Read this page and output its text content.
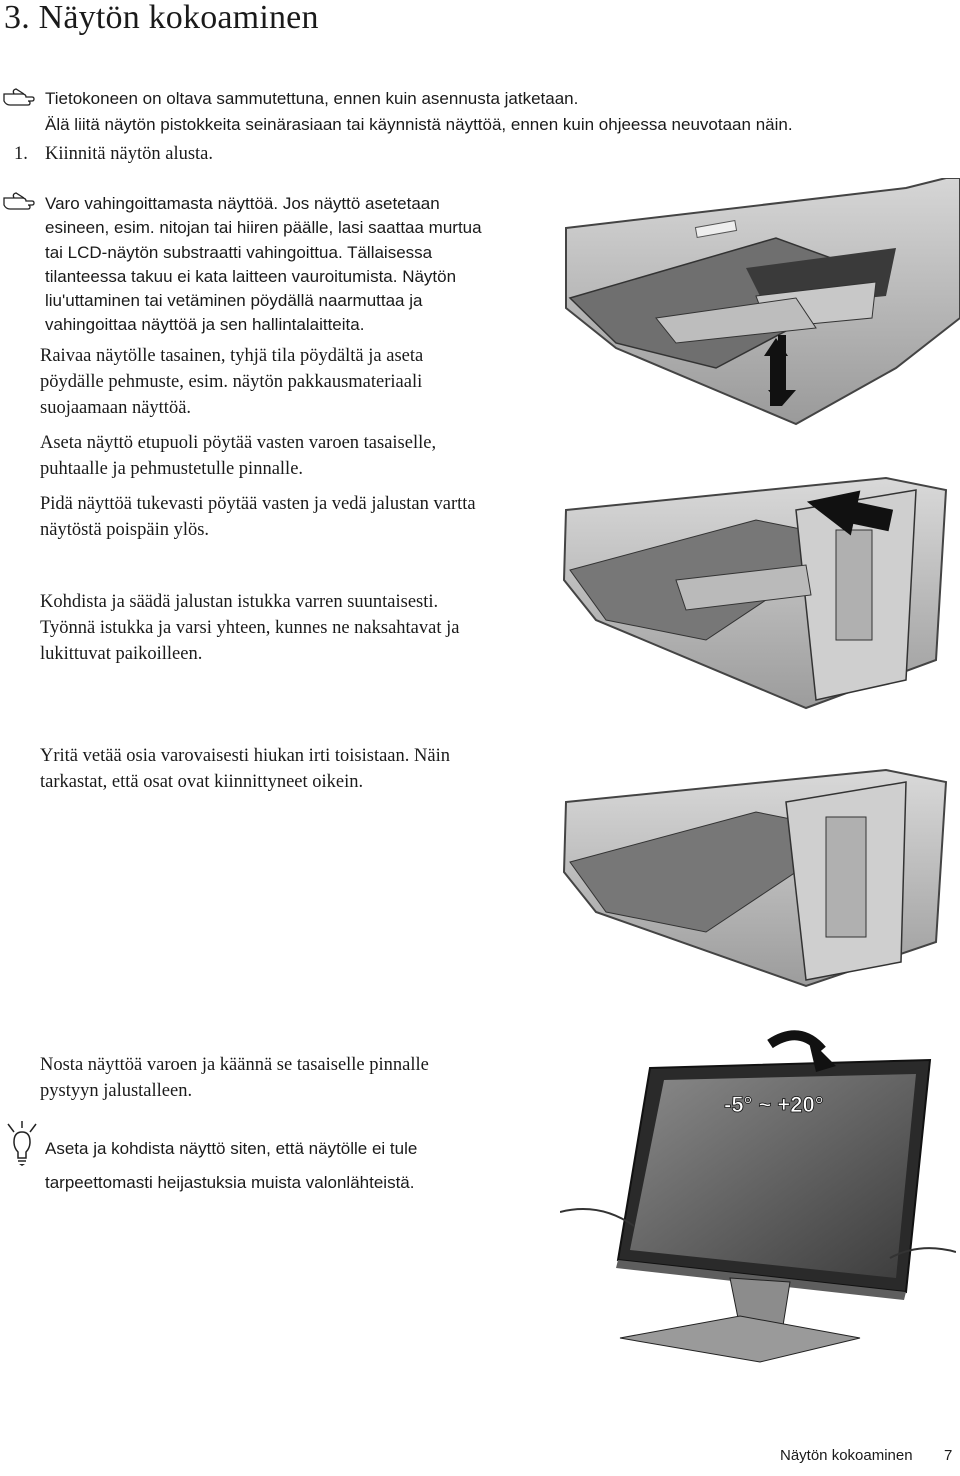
3. Näytön kokoaminen
Tietokoneen on oltava sammutettuna, ennen kuin asennusta jatketaan.
Älä liitä näytön pistokkeita seinärasiaan tai käynnistä näyttöä, ennen kuin ohjeessa neuvotaan näin.
1. Kiinnitä näytön alusta.
Varo vahingoittamasta näyttöä. Jos näyttö asetetaan
esineen, esim. nitojan tai hiiren päälle, lasi saattaa murtua
tai LCD-näytön substraatti vahingoittua. Tällaisessa
tilanteessa takuu ei kata laitteen vauroitumista. Näytön
liu'uttaminen tai vetäminen pöydällä naarmuttaa ja
vahingoittaa näyttöä ja sen hallintalaitteita.
Raivaa näytölle tasainen, tyhjä tila pöydältä ja aseta
pöydälle pehmuste, esim. näytön pakkausmateriaali
suojaamaan näyttöä.
Aseta näyttö etupuoli pöytää vasten varoen tasaiselle,
puhtaalle ja pehmustetulle pinnalle.
Pidä näyttöä tukevasti pöytää vasten ja vedä jalustan vartta
näytöstä poispäin ylös.
Kohdista ja säädä jalustan istukka varren suuntaisesti.
Työnnä istukka ja varsi yhteen, kunnes ne naksahtavat ja
lukittuvat paikoilleen.
Yritä vetää osia varovaisesti hiukan irti toisistaan. Näin
tarkastat, että osat ovat kiinnittyneet oikein.
Nosta näyttöä varoen ja käännä se tasaiselle pinnalle
pystyyn jalustalleen.
Aseta ja kohdista näyttö siten, että näytölle ei tule
tarpeettomasti heijastuksia muista valonlähteistä.
-5° ~ +20°
Näytön kokoaminen 7
